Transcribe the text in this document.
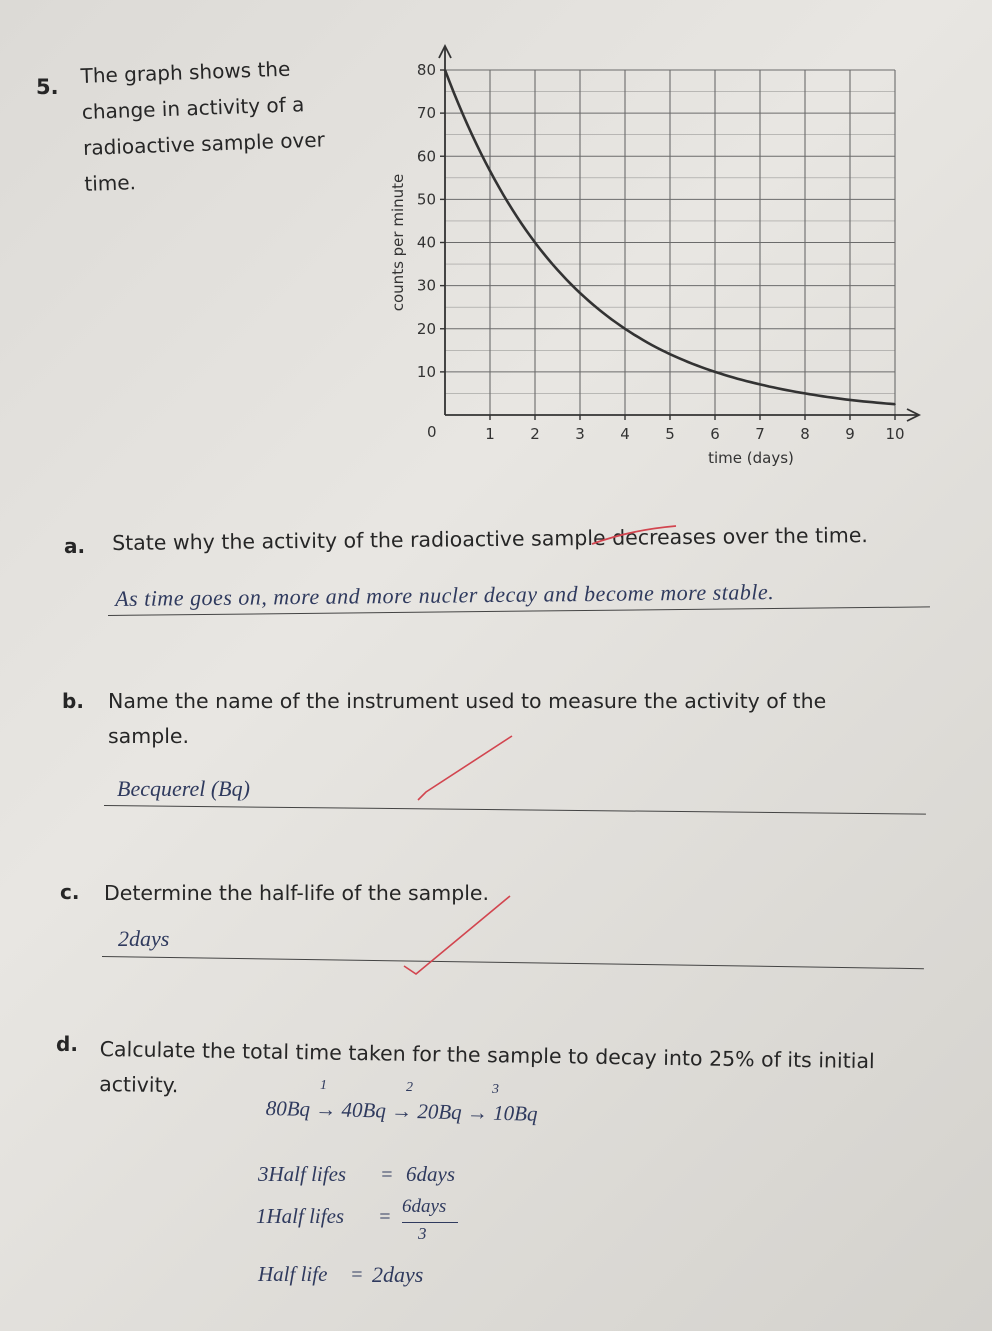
5. The graph shows the change in activity of a radioactive sample over time.
10
20
30
40
50
60
70
80
1 2 3 4 5 6 7 8 9 10
0
time (days)
counts per minute
a. State why the activity of the radioactive sample decreases over the time.
As time goes on, more and more nucler decay and become more stable.
b. Name the name of the instrument used to measure the activity of the sample.
Becquerel (Bq)
c. Determine the half-life of the sample.
2days
d. Calculate the total time taken for the sample to decay into 25% of its initial activity.	1	2	3
80Bq → 40Bq → 20Bq → 10Bq
3Half lifes = 6days
1Half lifes = 6days
3
Half life = 2days
